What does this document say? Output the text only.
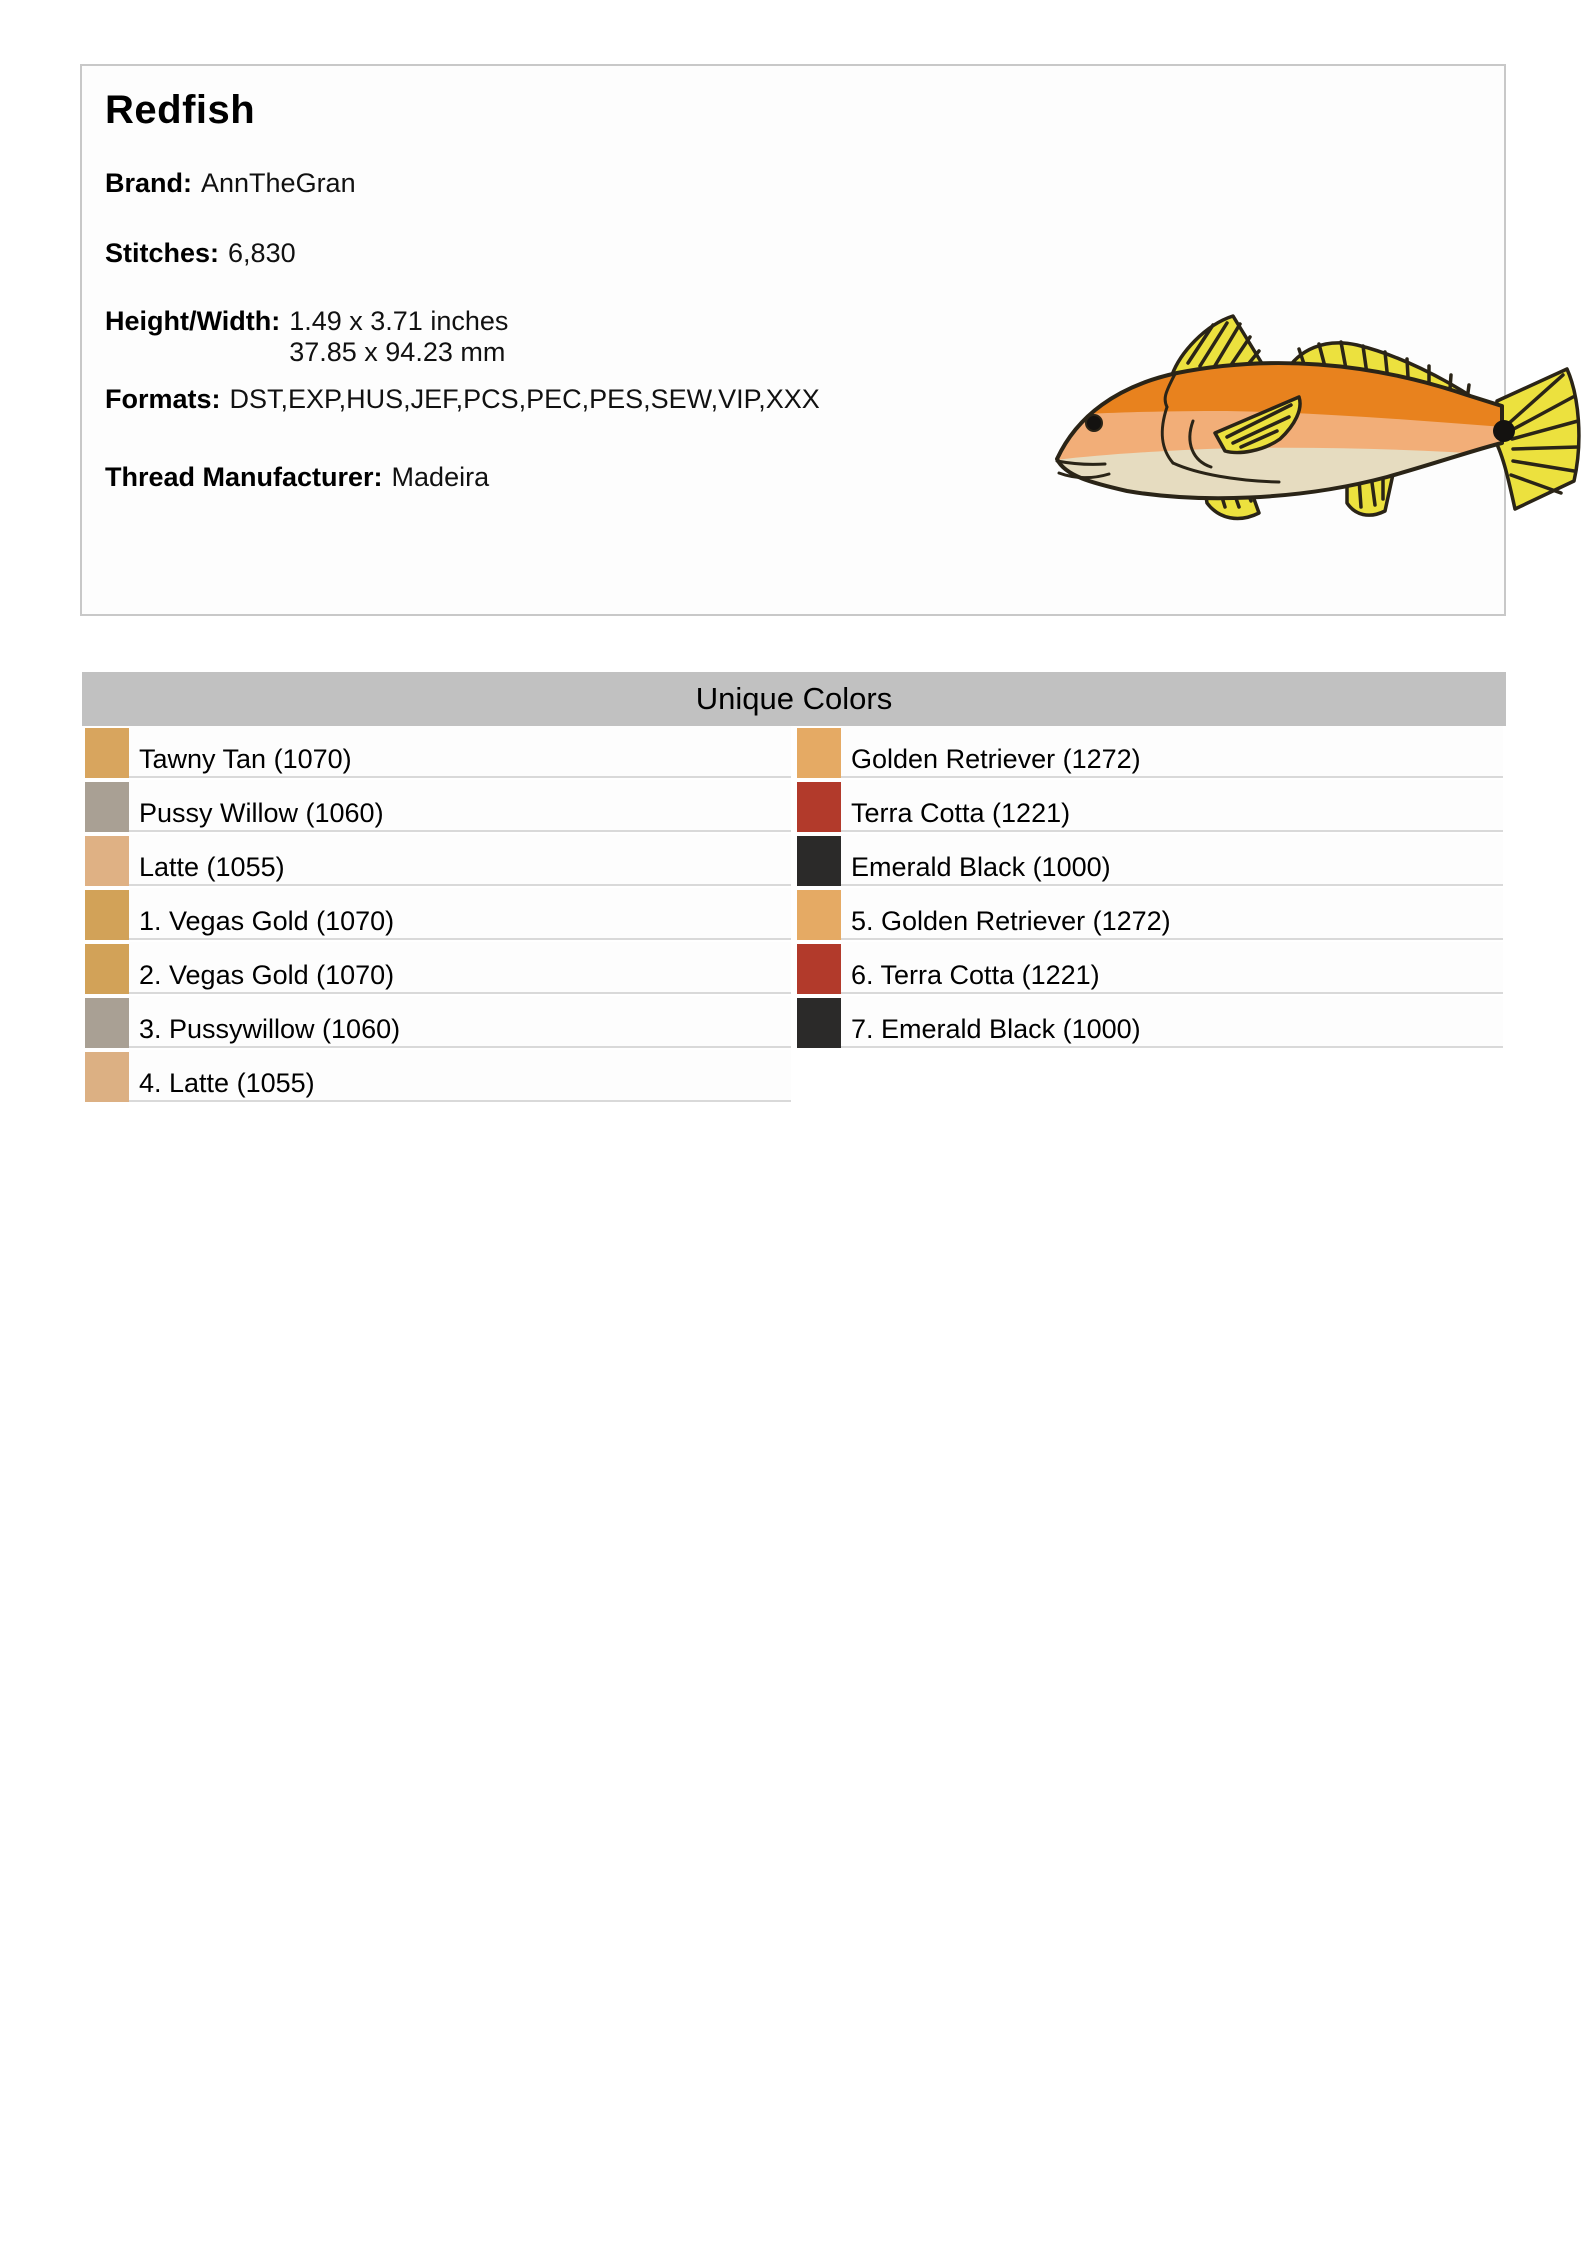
Redfish

Brand: AnnTheGran

Stitches: 6,830

Height/Width: 1.49 x 3.71 inches
37.85 x 94.23 mm

Formats: DST,EXP,HUS,JEF,PCS,PEC,PES,SEW,VIP,XXX

Thread Manufacturer: Madeira

Unique Colors
Tawny Tan (1070)
Pussy Willow (1060)
Latte (1055)
1. Vegas Gold (1070)
2. Vegas Gold (1070)
3. Pussywillow (1060)
4. Latte (1055)
Golden Retriever (1272)
Terra Cotta (1221)
Emerald Black (1000)
5. Golden Retriever (1272)
6. Terra Cotta (1221)
7. Emerald Black (1000)
